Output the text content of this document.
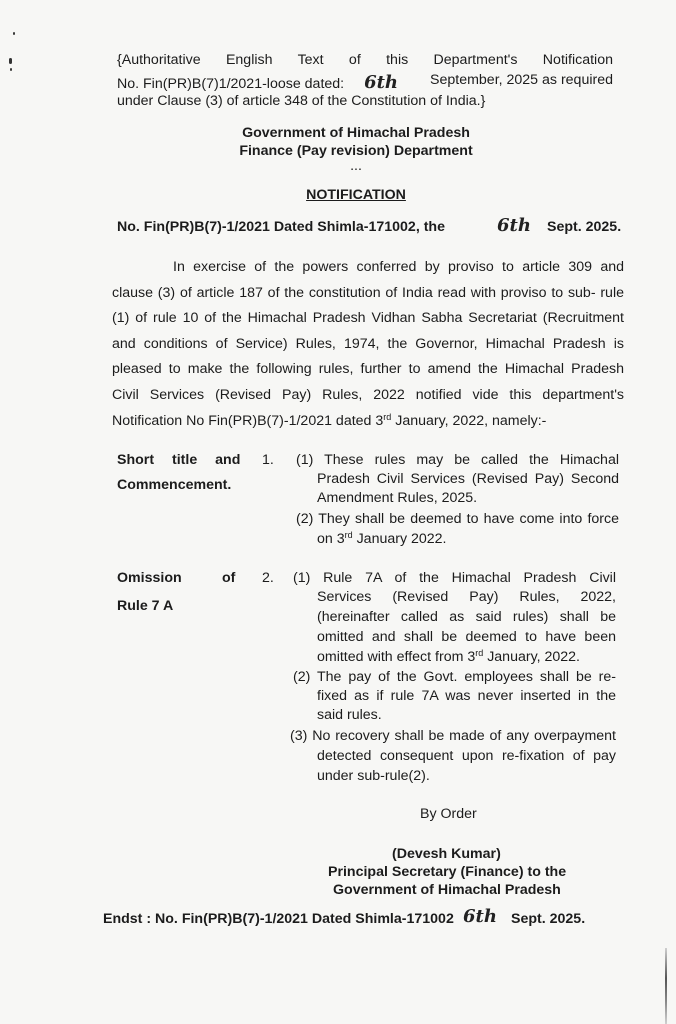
{Authoritative English Text of this Department's Notification
No. Fin(PR)B(7)1/2021-loose dated: 6th September, 2025 as required
under Clause (3) of article 348 of the Constitution of India.}
Government of Himachal Pradesh
Finance (Pay revision) Department
...
NOTIFICATION
No. Fin(PR)B(7)-1/2021 Dated Shimla-171002, the	6th Sept. 2025.
In exercise of the powers conferred by proviso to article 309 and
clause (3) of article 187 of the constitution of India read with proviso to sub- rule
(1) of rule 10 of the Himachal Pradesh Vidhan Sabha Secretariat (Recruitment
and conditions of Service) Rules, 1974, the Governor, Himachal Pradesh is
pleased to make the following rules, further to amend the Himachal Pradesh
Civil Services (Revised Pay) Rules, 2022 notified vide this department's
Notification No Fin(PR)B(7)-1/2021 dated 3rd January, 2022, namely:-
Short title and
Commencement.
1. (1) These rules may be called the Himachal
Pradesh Civil Services (Revised Pay) Second
Amendment Rules, 2025.
(2) They shall be deemed to have come into force
on 3rd January 2022.
Omission	of
Rule 7 A
2. (1) Rule 7A of the Himachal Pradesh Civil
Services (Revised Pay) Rules, 2022,
(hereinafter called as said rules) shall be
omitted and shall be deemed to have been
omitted with effect from 3rd January, 2022.
(2) The pay of the Govt. employees shall be re-
fixed as if rule 7A was never inserted in the
said rules.
(3) No recovery shall be made of any overpayment
detected consequent upon re-fixation of pay
under sub-rule(2).
By Order
(Devesh Kumar)
Principal Secretary (Finance) to the
Government of Himachal Pradesh
Endst : No. Fin(PR)B(7)-1/2021 Dated Shimla-171002 6th Sept. 2025.
